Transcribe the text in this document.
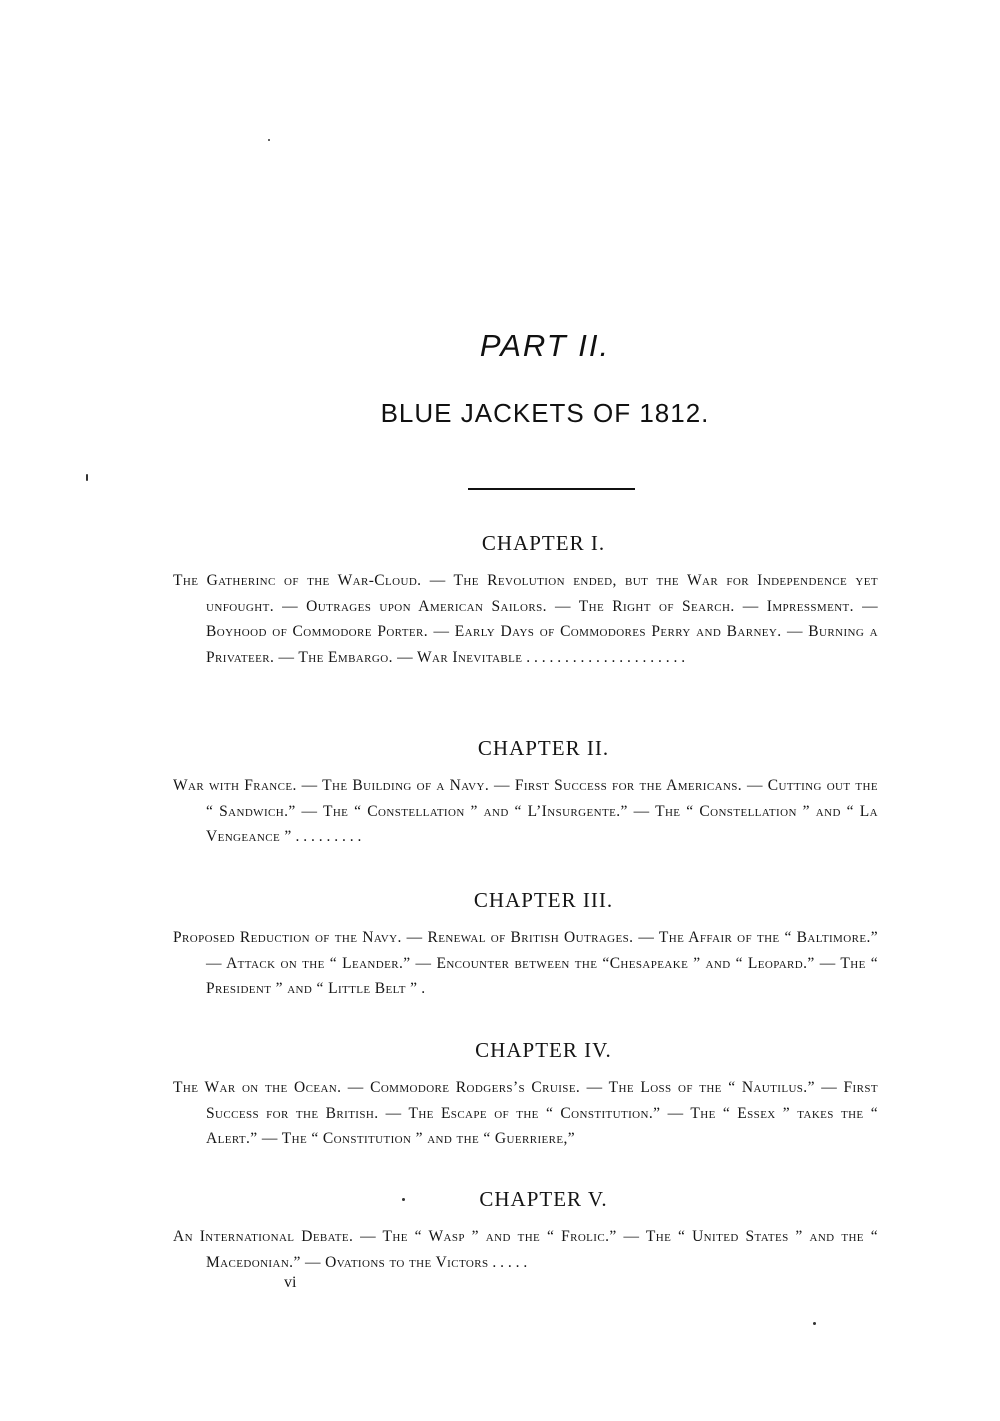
PART II.
BLUE JACKETS OF 1812.
CHAPTER I.
The Gatherinc of the War-Cloud. — The Revolution ended, but the War for Independence yet unfought. — Outrages upon American Sailors. — The Right of Search. — Impressment. — Boyhood of Commodore Porter. — Early Days of Commodores Perry and Barney. — Burning a Privateer. — The Embargo. — War Inevitable . . . . . . . . . . . . . . . . . . . . .
CHAPTER II.
War with France. — The Building of a Navy. — First Success for the Americans. — Cutting out the “ Sandwich.” — The “ Constellation ” and “ L’Insurgente.” — The “ Constellation ” and “ La Vengeance ” . . . . . . . . .
CHAPTER III.
Proposed Reduction of the Navy. — Renewal of British Outrages. — The Affair of the “ Baltimore.” — Attack on the “ Leander.” — Encounter between the “Chesapeake ” and “ Leopard.” — The “ President ” and “ Little Belt ” .
CHAPTER IV.
The War on the Ocean. — Commodore Rodgers’s Cruise. — The Loss of the “ Nautilus.” — First Success for the British. — The Escape of the “ Constitution.” — The “ Essex ” takes the “ Alert.” — The “ Constitution ” and the “ Guerriere,”
CHAPTER V.
An International Debate. — The “ Wasp ” and the “ Frolic.” — The “ United States ” and the “ Macedonian.” — Ovations to the Victors . . . . .
vi
